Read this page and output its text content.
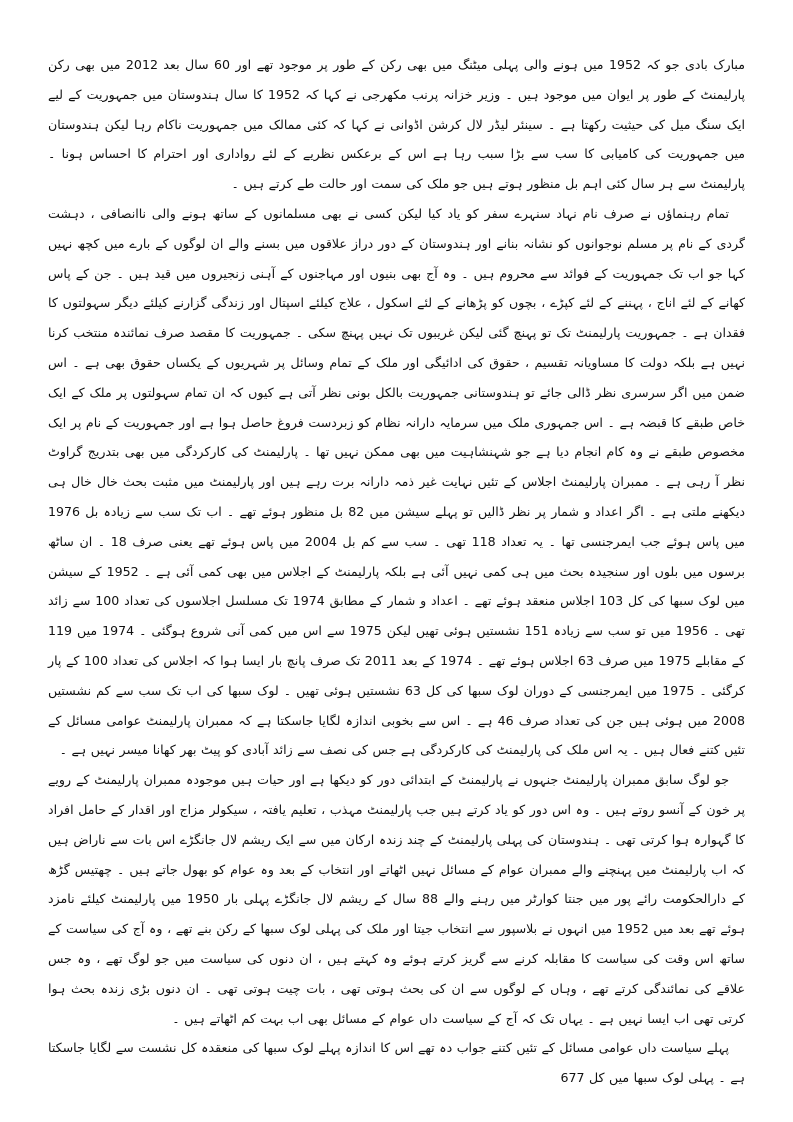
مبارک بادی جو کہ 1952 میں ہونے والی پہلی میٹنگ میں بھی رکن کے طور پر موجود تھے اور 60 سال بعد 2012 میں بھی رکن پارلیمنٹ کے طور پر ایوان میں موجود ہیں ۔ وزیر خزانہ پرنب مکھرجی نے کہا کہ 1952 کا سال ہندوستان میں جمہوریت کے لیے ایک سنگ میل کی حیثیت رکھتا ہے ۔ سینئر لیڈر لال کرشن اڈوانی نے کہا کہ کئی ممالک میں جمہوریت ناکام رہا لیکن ہندوستان میں جمہوریت کی کامیابی کا سب سے بڑا سبب رہا ہے اس کے برعکس نظریے کے لئے رواداری اور احترام کا احساس ہونا ۔ پارلیمنٹ سے ہر سال کئی اہم بل منظور ہوتے ہیں جو ملک کی سمت اور حالت طے کرتے ہیں ۔

تمام رہنماؤں نے صرف نام نہاد سنہرے سفر کو یاد کیا لیکن کسی نے بھی مسلمانوں کے ساتھ ہونے والی ناانصافی ، دہشت گردی کے نام پر مسلم نوجوانوں کو نشانہ بنانے اور ہندوستان کے دور دراز علاقوں میں بسنے والے ان لوگوں کے بارے میں کچھ نہیں کہا جو اب تک جمہوریت کے فوائد سے محروم ہیں ۔ وہ آج بھی بنیوں اور مہاجنوں کے آہنی زنجیروں میں قید ہیں ۔ جن کے پاس کھانے کے لئے اناج ، پہننے کے لئے کپڑے ، بچوں کو پڑھانے کے لئے اسکول ، علاج کیلئے اسپتال اور زندگی گزارنے کیلئے دیگر سہولتوں کا فقدان ہے ۔ جمہوریت پارلیمنٹ تک تو پہنچ گئی لیکن غریبوں تک نہیں پہنچ سکی ۔ جمہوریت کا مقصد صرف نمائندہ منتخب کرنا نہیں ہے بلکہ دولت کا مساویانہ تقسیم ، حقوق کی ادائیگی اور ملک کے تمام وسائل پر شہریوں کے یکساں حقوق بھی ہے ۔ اس ضمن میں اگر سرسری نظر ڈالی جائے تو ہندوستانی جمہوریت بالکل بونی نظر آتی ہے کیوں کہ ان تمام سہولتوں پر ملک کے ایک خاص طبقے کا قبضہ ہے ۔ اس جمہوری ملک میں سرمایہ دارانہ نظام کو زبردست فروغ حاصل ہوا ہے اور جمہوریت کے نام پر ایک مخصوص طبقے نے وہ کام انجام دیا ہے جو شہنشاہیت میں بھی ممکن نہیں تھا ۔ پارلیمنٹ کی کارکردگی میں بھی بتدریج گراوٹ نظر آ رہی ہے ۔ ممبران پارلیمنٹ اجلاس کے تئیں نہایت غیر ذمہ دارانہ برت رہے ہیں اور پارلیمنٹ میں مثبت بحث خال خال ہی دیکھنے ملتی ہے ۔ اگر اعداد و شمار پر نظر ڈالیں تو پہلے سیشن میں 82 بل منظور ہوئے تھے ۔ اب تک سب سے زیادہ بل 1976 میں پاس ہوئے جب ایمرجنسی تھا ۔ یہ تعداد 118 تھی ۔ سب سے کم بل 2004 میں پاس ہوئے تھے یعنی صرف 18 ۔ ان ساٹھ برسوں میں بلوں اور سنجیدہ بحث میں ہی کمی نہیں آئی ہے بلکہ پارلیمنٹ کے اجلاس میں بھی کمی آئی ہے ۔ 1952 کے سیشن میں لوک سبھا کی کل 103 اجلاس منعقد ہوئے تھے ۔ اعداد و شمار کے مطابق 1974 تک مسلسل اجلاسوں کی تعداد 100 سے زائد تھی ۔ 1956 میں تو سب سے زیادہ 151 نشستیں ہوئی تھیں لیکن 1975 سے اس میں کمی آنی شروع ہوگئی ۔ 1974 میں 119 کے مقابلے 1975 میں صرف 63 اجلاس ہوئے تھے ۔ 1974 کے بعد 2011 تک صرف پانچ بار ایسا ہوا کہ اجلاس کی تعداد 100 کے پار کرگئی ۔ 1975 میں ایمرجنسی کے دوران لوک سبھا کی کل 63 نشستیں ہوئی تھیں ۔ لوک سبھا کی اب تک سب سے کم نشستیں 2008 میں ہوئی ہیں جن کی تعداد صرف 46 ہے ۔ اس سے بخوبی اندازہ لگایا جاسکتا ہے کہ ممبران پارلیمنٹ عوامی مسائل کے تئیں کتنے فعال ہیں ۔ یہ اس ملک کی پارلیمنٹ کی کارکردگی ہے جس کی نصف سے زائد آبادی کو پیٹ بھر کھانا میسر نہیں ہے ۔

جو لوگ سابق ممبران پارلیمنٹ جنہوں نے پارلیمنٹ کے ابتدائی دور کو دیکھا ہے اور حیات ہیں موجودہ ممبران پارلیمنٹ کے رویے پر خون کے آنسو روتے ہیں ۔ وہ اس دور کو یاد کرتے ہیں جب پارلیمنٹ مہذب ، تعلیم یافتہ ، سیکولر مزاج اور اقدار کے حامل افراد کا گہوارہ ہوا کرتی تھی ۔ ہندوستان کی پہلی پارلیمنٹ کے چند زندہ ارکان میں سے ایک ریشم لال جانگڑے اس بات سے ناراض ہیں کہ اب پارلیمنٹ میں پہنچنے والے ممبران عوام کے مسائل نہیں اٹھاتے اور انتخاب کے بعد وہ عوام کو بھول جاتے ہیں ۔ چھتیس گڑھ کے دارالحکومت رائے پور میں جنتا کوارٹر میں رہنے والے 88 سال کے ریشم لال جانگڑے پہلی بار 1950 میں پارلیمنٹ کیلئے نامزد ہوئے تھے بعد میں 1952 میں انہوں نے بلاسپور سے انتخاب جیتا اور ملک کی پہلی لوک سبھا کے رکن بنے تھے ، وہ آج کی سیاست کے ساتھ اس وقت کی سیاست کا مقابلہ کرنے سے گریز کرتے ہوئے وہ کہتے ہیں ، ان دنوں کی سیاست میں جو لوگ تھے ، وہ جس علاقے کی نمائندگی کرتے تھے ، وہاں کے لوگوں سے ان کی بحث ہوتی تھی ، بات چیت ہوتی تھی ۔ ان دنوں بڑی زندہ بحث ہوا کرتی تھی اب ایسا نہیں ہے ۔ یہاں تک کہ آج کے سیاست داں عوام کے مسائل بھی اب بہت کم اٹھاتے ہیں ۔

پہلے سیاست داں عوامی مسائل کے تئیں کتنے جواب دہ تھے اس کا اندازہ پہلے لوک سبھا کی منعقدہ کل نشست سے لگایا جاسکتا ہے ۔ پہلی لوک سبھا میں کل 677
